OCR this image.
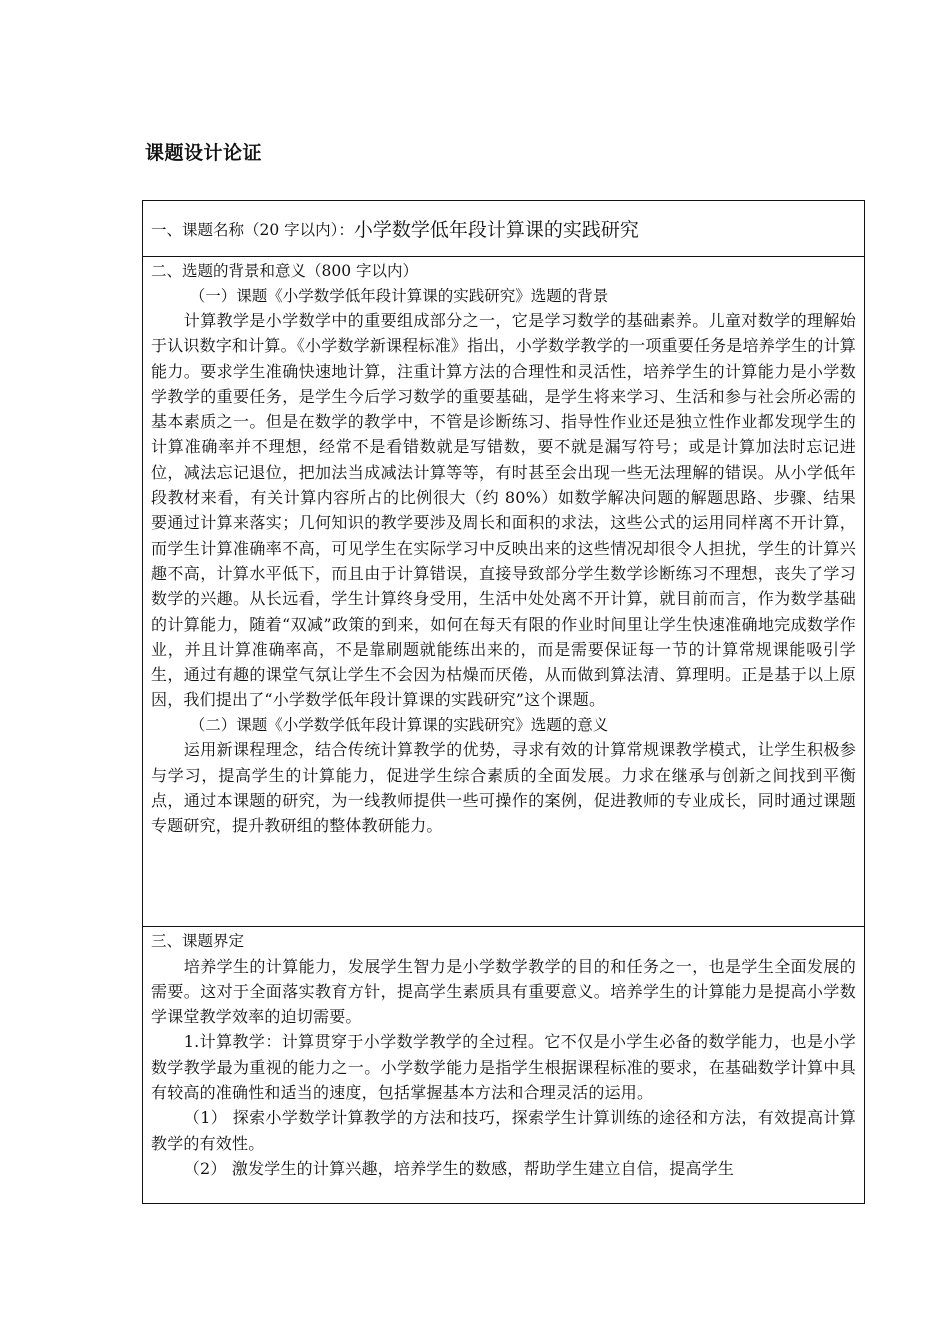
课题设计论证
一、课题名称（20 字以内）： 小学数学低年段计算课的实践研究
二、选题的背景和意义（800 字以内）
（一）课题《小学数学低年段计算课的实践研究》选题的背景

计算教学是小学数学中的重要组成部分之一，它是学习数学的基础素养。儿童对数学的理解始于认识数字和计算。《小学数学新课程标准》指出，小学数学教学的一项重要任务是培养学生的计算能力。要求学生准确快速地计算，注重计算方法的合理性和灵活性，培养学生的计算能力是小学数学教学的重要任务，是学生今后学习数学的重要基础，是学生将来学习、生活和参与社会所必需的基本素质之一。但是在数学的教学中，不管是诊断练习、指导性作业还是独立性作业都发现学生的计算准确率并不理想，经常不是看错数就是写错数，要不就是漏写符号；或是计算加法时忘记进位，减法忘记退位，把加法当成减法计算等等，有时甚至会出现一些无法理解的错误。从小学低年段教材来看，有关计算内容所占的比例很大（约 80%）如数学解决问题的解题思路、步骤、结果要通过计算来落实；几何知识的教学要涉及周长和面积的求法，这些公式的运用同样离不开计算，而学生计算准确率不高，可见学生在实际学习中反映出来的这些情况却很令人担扰，学生的计算兴趣不高，计算水平低下，而且由于计算错误，直接导致部分学生数学诊断练习不理想，丧失了学习数学的兴趣。从长远看，学生计算终身受用，生活中处处离不开计算，就目前而言，作为数学基础的计算能力，随着“双减”政策的到来，如何在每天有限的作业时间里让学生快速准确地完成数学作业，并且计算准确率高，不是靠刷题就能练出来的，而是需要保证每一节的计算常规课能吸引学生，通过有趣的课堂气氛让学生不会因为枯燥而厌倦，从而做到算法清、算理明。正是基于以上原因，我们提出了“小学数学低年段计算课的实践研究”这个课题。

（二）课题《小学数学低年段计算课的实践研究》选题的意义

运用新课程理念，结合传统计算教学的优势，寻求有效的计算常规课教学模式，让学生积极参与学习，提高学生的计算能力，促进学生综合素质的全面发展。力求在继承与创新之间找到平衡点，通过本课题的研究，为一线教师提供一些可操作的案例，促进教师的专业成长，同时通过课题专题研究，提升教研组的整体教研能力。

三、课题界定

培养学生的计算能力，发展学生智力是小学数学教学的目的和任务之一，也是学生全面发展的需要。这对于全面落实教育方针，提高学生素质具有重要意义。培养学生的计算能力是提高小学数学课堂教学效率的迫切需要。

1.计算教学：计算贯穿于小学数学教学的全过程。它不仅是小学生必备的数学能力，也是小学数学教学最为重视的能力之一。小学数学能力是指学生根据课程标准的要求，在基础数学计算中具有较高的准确性和适当的速度，包括掌握基本方法和合理灵活的运用。

（1） 探索小学数学计算教学的方法和技巧，探索学生计算训练的途径和方法，有效提高计算教学的有效性。

（2） 激发学生的计算兴趣，培养学生的数感，帮助学生建立自信，提高学生
